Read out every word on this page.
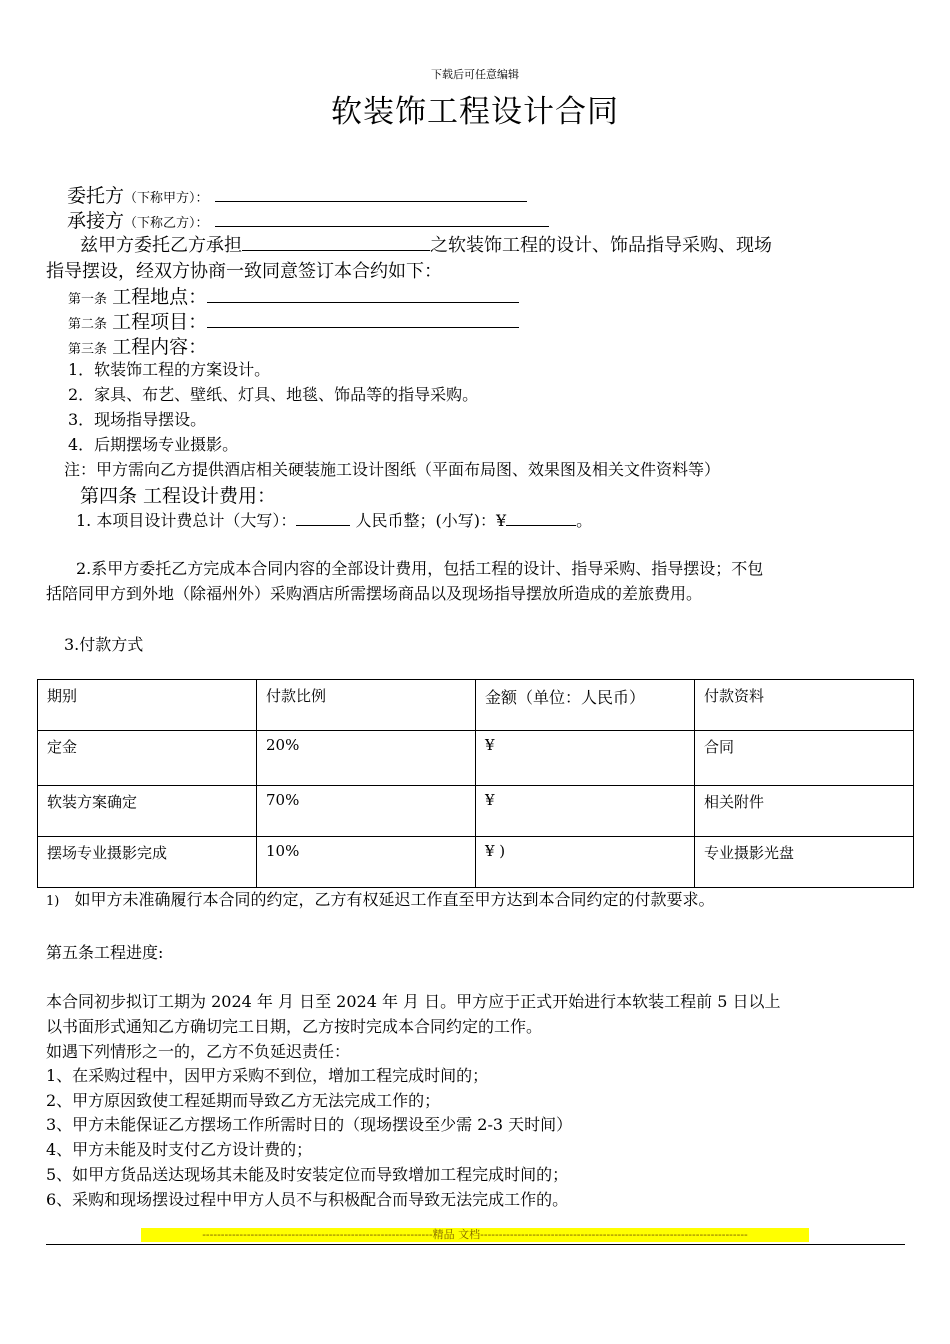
下载后可任意编辑
软装饰工程设计合同
委托方（下称甲方）：
承接方（下称乙方）：
兹甲方委托乙方承担	之软装饰工程的设计、饰品指导采购、现场
指导摆设，经双方协商一致同意签订本合约如下：
第一条 工程地点：
第二条 工程项目：
第三条 工程内容：
1．软装饰工程的方案设计。
2．家具、布艺、壁纸、灯具、地毯、饰品等的指导采购。
3．现场指导摆设。
4．后期摆场专业摄影。
注：甲方需向乙方提供酒店相关硬装施工设计图纸（平面布局图、效果图及相关文件资料等）
第四条 工程设计费用：
1. 本项目设计费总计（大写）：	人民币整；(小写)：¥	。
2.系甲方委托乙方完成本合同内容的全部设计费用，包括工程的设计、指导采购、指导摆设；不包
括陪同甲方到外地（除福州外）采购酒店所需摆场商品以及现场指导摆放所造成的差旅费用。
3.付款方式
期别	付款比例	金额（单位：人民币）	付款资料
定金	20%	¥	合同
软装方案确定	70%	¥	相关附件
摆场专业摄影完成	10%	¥ )	专业摄影光盘
1) 如甲方未准确履行本合同的约定，乙方有权延迟工作直至甲方达到本合同约定的付款要求。
第五条工程进度:
本合同初步拟订工期为 2024 年 月 日至 2024 年 月 日。甲方应于正式开始进行本软装工程前 5 日以上
以书面形式通知乙方确切完工日期，乙方按时完成本合同约定的工作。
如遇下列情形之一的，乙方不负延迟责任：
1、在采购过程中，因甲方采购不到位，增加工程完成时间的；
2、甲方原因致使工程延期而导致乙方无法完成工作的；
3、甲方未能保证乙方摆场工作所需时日的（现场摆设至少需 2-3 天时间）
4、甲方未能及时支付乙方设计费的；
5、如甲方货品送达现场其未能及时安装定位而导致增加工程完成时间的；
6、采购和现场摆设过程中甲方人员不与积极配合而导致无法完成工作的。
--------------------------------------------------------------精品 文档------------------------------------------------------------------------
